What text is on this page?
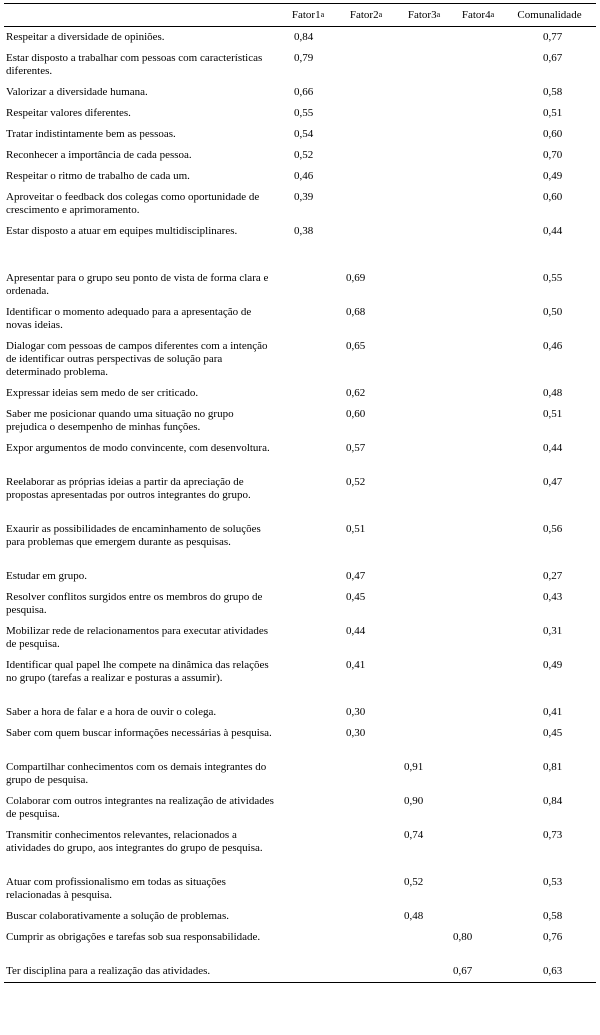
	Fator1$^a$	Fator2$^a$	Fator3$^a$	Fator4$^a$	Comunalidade
Respeitar a diversidade de opiniões.	0,84				0,77
Estar disposto a trabalhar com pessoas com características diferentes.	0,79				0,67
Valorizar a diversidade humana.	0,66				0,58
Respeitar valores diferentes.	0,55				0,51
Tratar indistintamente bem as pessoas.	0,54				0,60
Reconhecer a importância de cada pessoa.	0,52				0,70
Respeitar o ritmo de trabalho de cada um.	0,46				0,49
Aproveitar o feedback dos colegas como oportunidade de crescimento e aprimoramento.	0,39				0,60
Estar disposto a atuar em equipes multidisciplinares.	0,38				0,44
Apresentar para o grupo seu ponto de vista de forma clara e ordenada.		0,69			0,55
Identificar o momento adequado para a apresentação de novas ideias.		0,68			0,50
Dialogar com pessoas de campos diferentes com a intenção de identificar outras perspectivas de solução para determinado problema.		0,65			0,46
Expressar ideias sem medo de ser criticado.		0,62			0,48
Saber me posicionar quando uma situação no grupo prejudica o desempenho de minhas funções.		0,60			0,51
Expor argumentos de modo convincente, com desenvoltura.		0,57			0,44
Reelaborar as próprias ideias a partir da apreciação de propostas apresentadas por outros integrantes do grupo.		0,52			0,47
Exaurir as possibilidades de encaminhamento de soluções para problemas que emergem durante as pesquisas.		0,51			0,56
Estudar em grupo.		0,47			0,27
Resolver conflitos surgidos entre os membros do grupo de pesquisa.		0,45			0,43
Mobilizar rede de relacionamentos para executar atividades de pesquisa.		0,44			0,31
Identificar qual papel lhe compete na dinâmica das relações no grupo (tarefas a realizar e posturas a assumir).		0,41			0,49
Saber a hora de falar e a hora de ouvir o colega.		0,30			0,41
Saber com quem buscar informações necessárias à pesquisa.		0,30			0,45
Compartilhar conhecimentos com os demais integrantes do grupo de pesquisa.			0,91		0,81
Colaborar com outros integrantes na realização de atividades de pesquisa.			0,90		0,84
Transmitir conhecimentos relevantes, relacionados a atividades do grupo, aos integrantes do grupo de pesquisa.			0,74		0,73
Atuar com profissionalismo em todas as situações relacionadas à pesquisa.			0,52		0,53
Buscar colaborativamente a solução de problemas.			0,48		0,58
Cumprir as obrigações e tarefas sob sua responsabilidade.				0,80	0,76
Ter disciplina para a realização das atividades.				0,67	0,63
